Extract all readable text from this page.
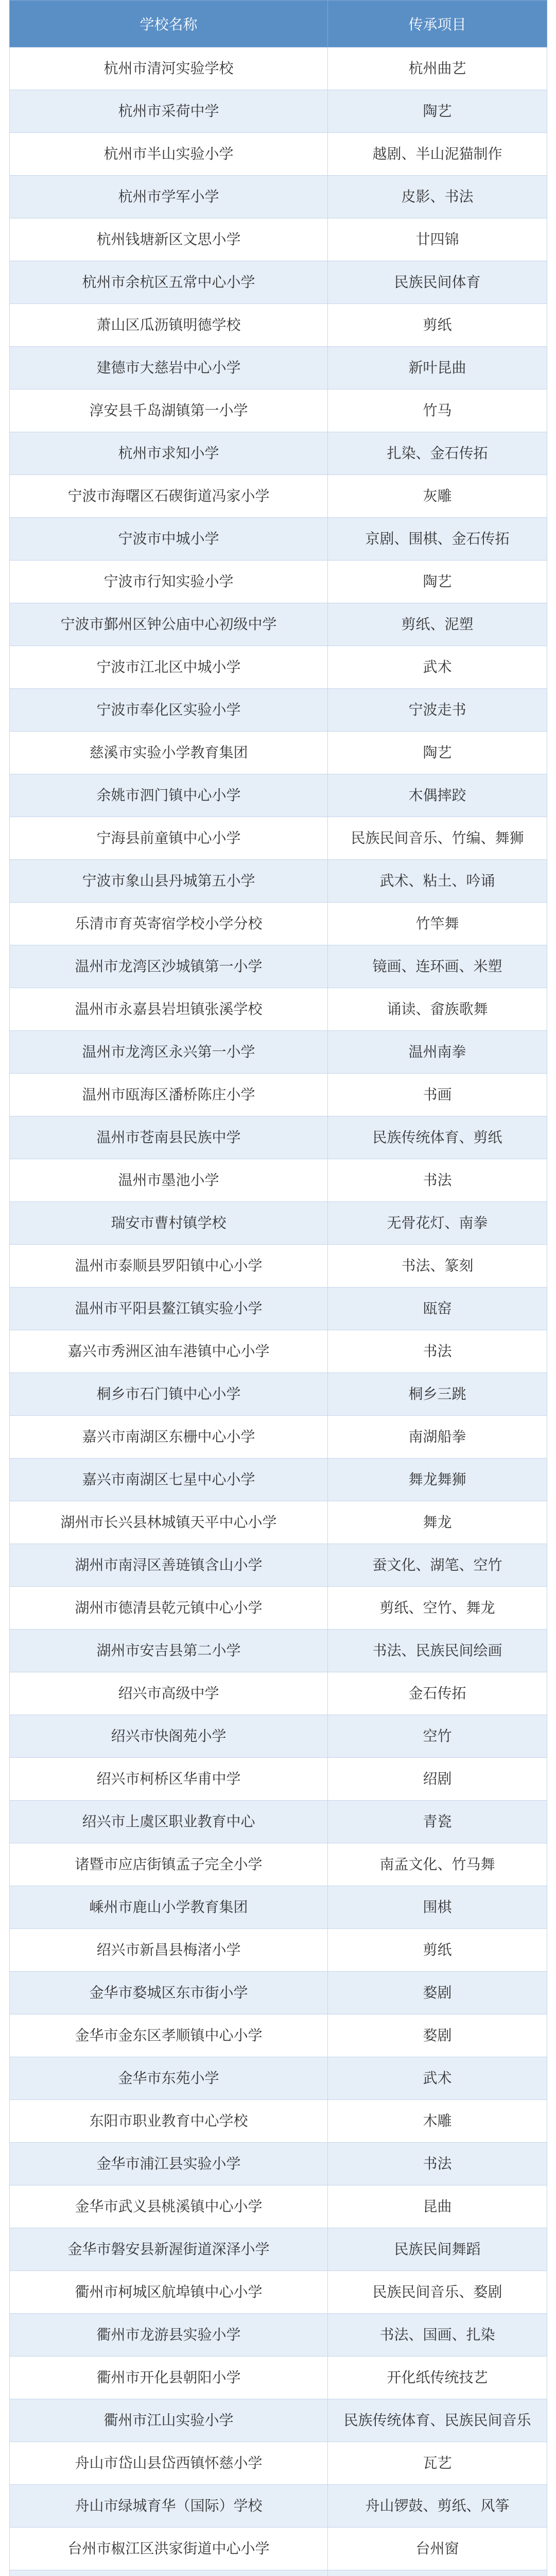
学校名称	传承项目
杭州市清河实验学校	杭州曲艺
杭州市采荷中学	陶艺
杭州市半山实验小学	越剧、半山泥猫制作
杭州市学军小学	皮影、书法
杭州钱塘新区文思小学	廿四锦
杭州市余杭区五常中心小学	民族民间体育
萧山区瓜沥镇明德学校	剪纸
建德市大慈岩中心小学	新叶昆曲
淳安县千岛湖镇第一小学	竹马
杭州市求知小学	扎染、金石传拓
宁波市海曙区石碶街道冯家小学	灰雕
宁波市中城小学	京剧、围棋、金石传拓
宁波市行知实验小学	陶艺
宁波市鄞州区钟公庙中心初级中学	剪纸、泥塑
宁波市江北区中城小学	武术
宁波市奉化区实验小学	宁波走书
慈溪市实验小学教育集团	陶艺
余姚市泗门镇中心小学	木偶摔跤
宁海县前童镇中心小学	民族民间音乐、竹编、舞狮
宁波市象山县丹城第五小学	武术、粘土、吟诵
乐清市育英寄宿学校小学分校	竹竿舞
温州市龙湾区沙城镇第一小学	镜画、连环画、米塑
温州市永嘉县岩坦镇张溪学校	诵读、畲族歌舞
温州市龙湾区永兴第一小学	温州南拳
温州市瓯海区潘桥陈庄小学	书画
温州市苍南县民族中学	民族传统体育、剪纸
温州市墨池小学	书法
瑞安市曹村镇学校	无骨花灯、南拳
温州市泰顺县罗阳镇中心小学	书法、篆刻
温州市平阳县鳌江镇实验小学	瓯窑
嘉兴市秀洲区油车港镇中心小学	书法
桐乡市石门镇中心小学	桐乡三跳
嘉兴市南湖区东栅中心小学	南湖船拳
嘉兴市南湖区七星中心小学	舞龙舞狮
湖州市长兴县林城镇天平中心小学	舞龙
湖州市南浔区善琏镇含山小学	蚕文化、湖笔、空竹
湖州市德清县乾元镇中心小学	剪纸、空竹、舞龙
湖州市安吉县第二小学	书法、民族民间绘画
绍兴市高级中学	金石传拓
绍兴市快阁苑小学	空竹
绍兴市柯桥区华甫中学	绍剧
绍兴市上虞区职业教育中心	青瓷
诸暨市应店街镇孟子完全小学	南孟文化、竹马舞
嵊州市鹿山小学教育集团	围棋
绍兴市新昌县梅渚小学	剪纸
金华市婺城区东市街小学	婺剧
金华市金东区孝顺镇中心小学	婺剧
金华市东苑小学	武术
东阳市职业教育中心学校	木雕
金华市浦江县实验小学	书法
金华市武义县桃溪镇中心小学	昆曲
金华市磐安县新渥街道深泽小学	民族民间舞蹈
衢州市柯城区航埠镇中心小学	民族民间音乐、婺剧
衢州市龙游县实验小学	书法、国画、扎染
衢州市开化县朝阳小学	开化纸传统技艺
衢州市江山实验小学	民族传统体育、民族民间音乐
舟山市岱山县岱西镇怀慈小学	瓦艺
舟山市绿城育华（国际）学校	舟山锣鼓、剪纸、风筝
台州市椒江区洪家街道中心小学	台州窗
